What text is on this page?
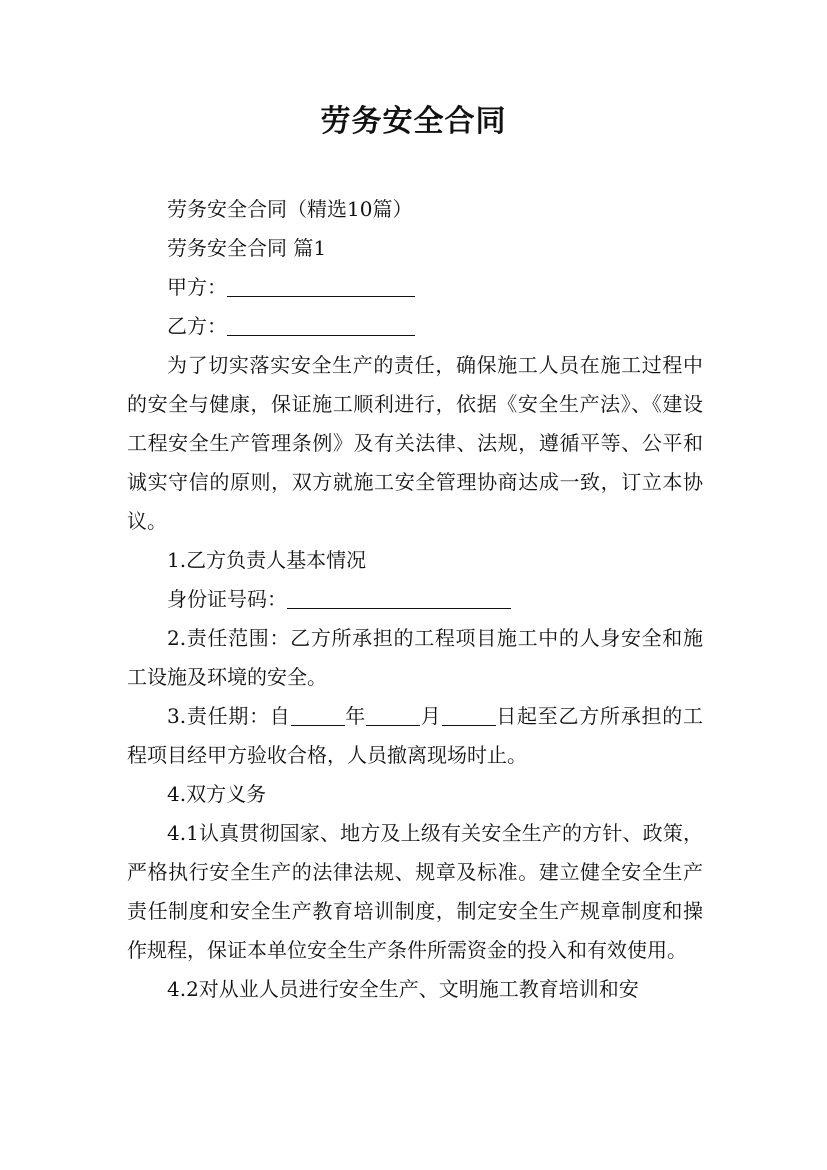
劳务安全合同

劳务安全合同（精选10篇）

劳务安全合同 篇1

甲方：

乙方：

为了切实落实安全生产的责任，确保施工人员在施工过程中的安全与健康，保证施工顺利进行，依据《安全生产法》、《建设工程安全生产管理条例》及有关法律、法规，遵循平等、公平和诚实守信的原则，双方就施工安全管理协商达成一致，订立本协议。

1.乙方负责人基本情况

身份证号码：

2.责任范围：乙方所承担的工程项目施工中的人身安全和施工设施及环境的安全。

3.责任期：自	年	月	日起至乙方所承担的工程项目经甲方验收合格，人员撤离现场时止。

4.双方义务

4.1认真贯彻国家、地方及上级有关安全生产的方针、政策，严格执行安全生产的法律法规、规章及标准。建立健全安全生产责任制度和安全生产教育培训制度，制定安全生产规章制度和操作规程，保证本单位安全生产条件所需资金的投入和有效使用。

4.2对从业人员进行安全生产、文明施工教育培训和安
